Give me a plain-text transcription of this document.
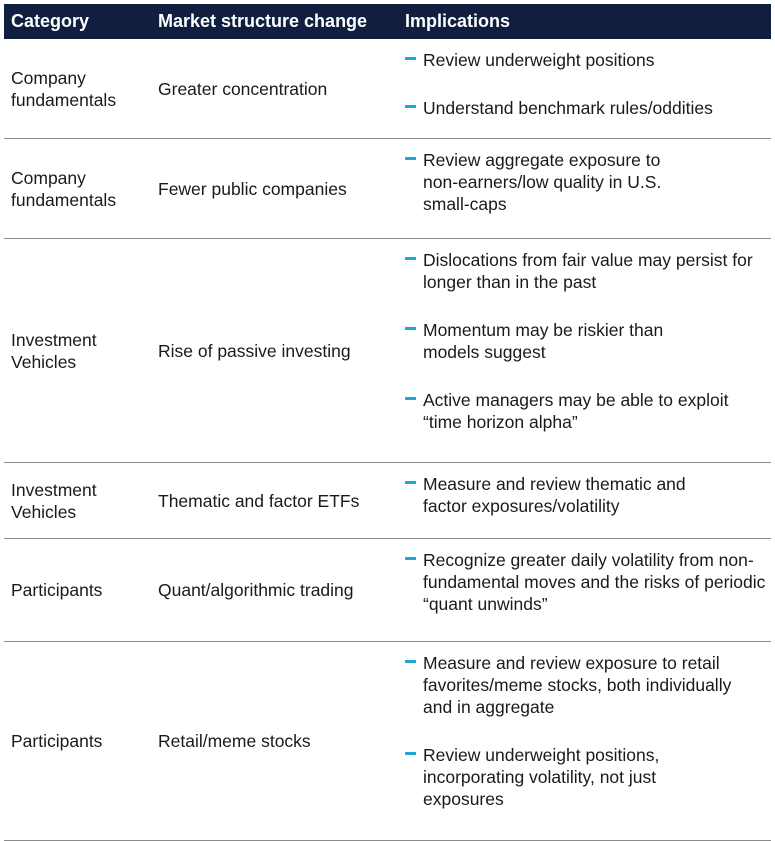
Category	Market structure change	Implications
Company fundamentals	Greater concentration	Review underweight positions
Understand benchmark rules/oddities

Company fundamentals	Fewer public companies	Review aggregate exposure to non-earners/low quality in U.S. small-caps

Investment Vehicles	Rise of passive investing	Dislocations from fair value may persist for longer than in the past
Momentum may be riskier than models suggest
Active managers may be able to exploit “time horizon alpha”

Investment Vehicles	Thematic and factor ETFs	Measure and review thematic and factor exposures/volatility

Participants	Quant/algorithmic trading	Recognize greater daily volatility from non-fundamental moves and the risks of periodic “quant unwinds”

Participants	Retail/meme stocks	Measure and review exposure to retail favorites/meme stocks, both individually and in aggregate
Review underweight positions, incorporating volatility, not just exposures
